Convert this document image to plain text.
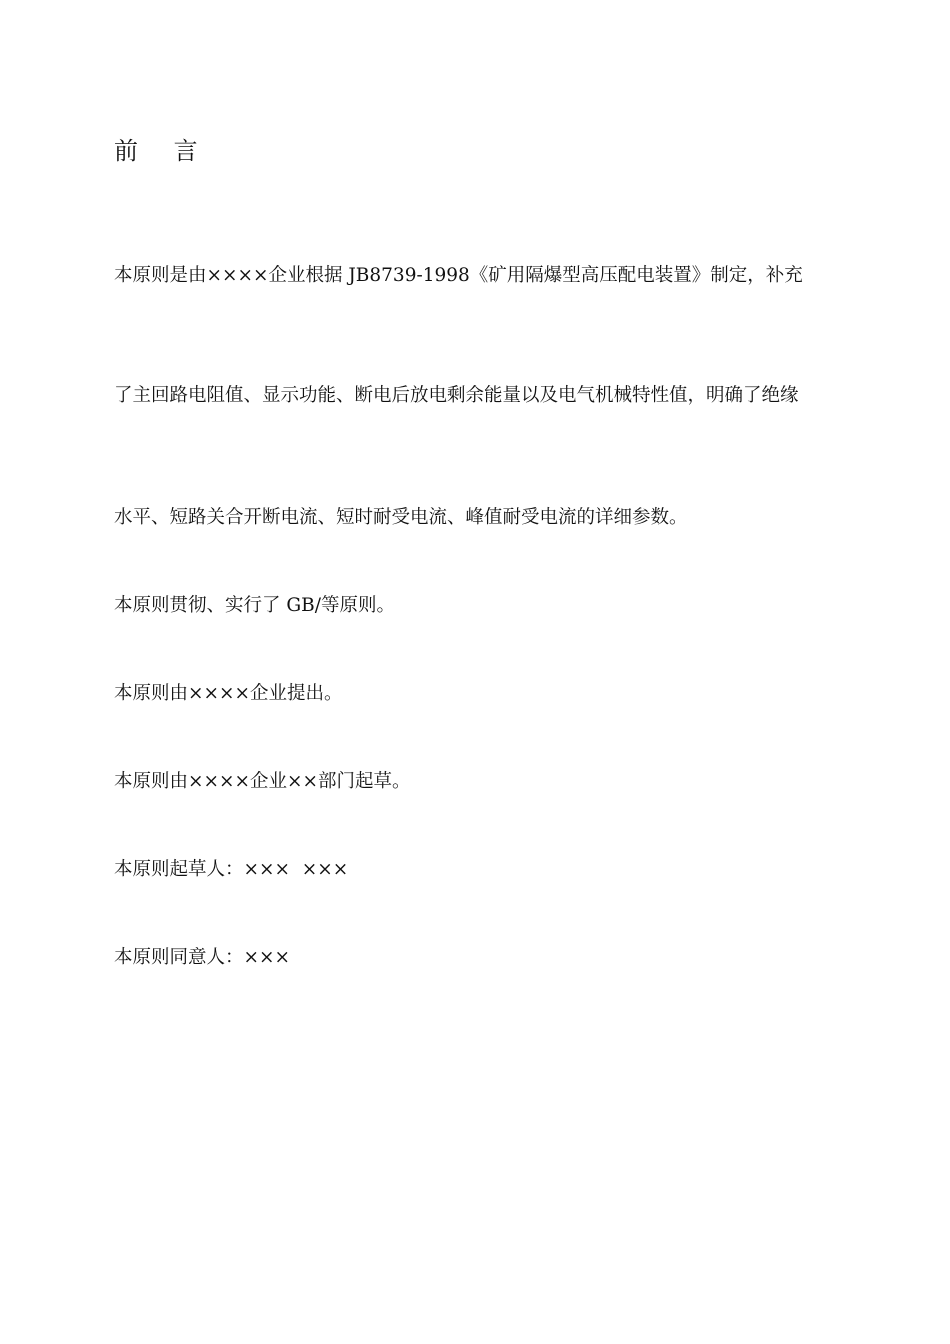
前 言
本原则是由××××企业根据 JB8739-1998《矿用隔爆型高压配电装置》制定，补充
了主回路电阻值、显示功能、断电后放电剩余能量以及电气机械特性值，明确了绝缘
水平、短路关合开断电流、短时耐受电流、峰值耐受电流的详细参数。
本原则贯彻、实行了 GB/等原则。
本原则由××××企业提出。
本原则由××××企业××部门起草。
本原则起草人：×××  ×××
本原则同意人：×××
